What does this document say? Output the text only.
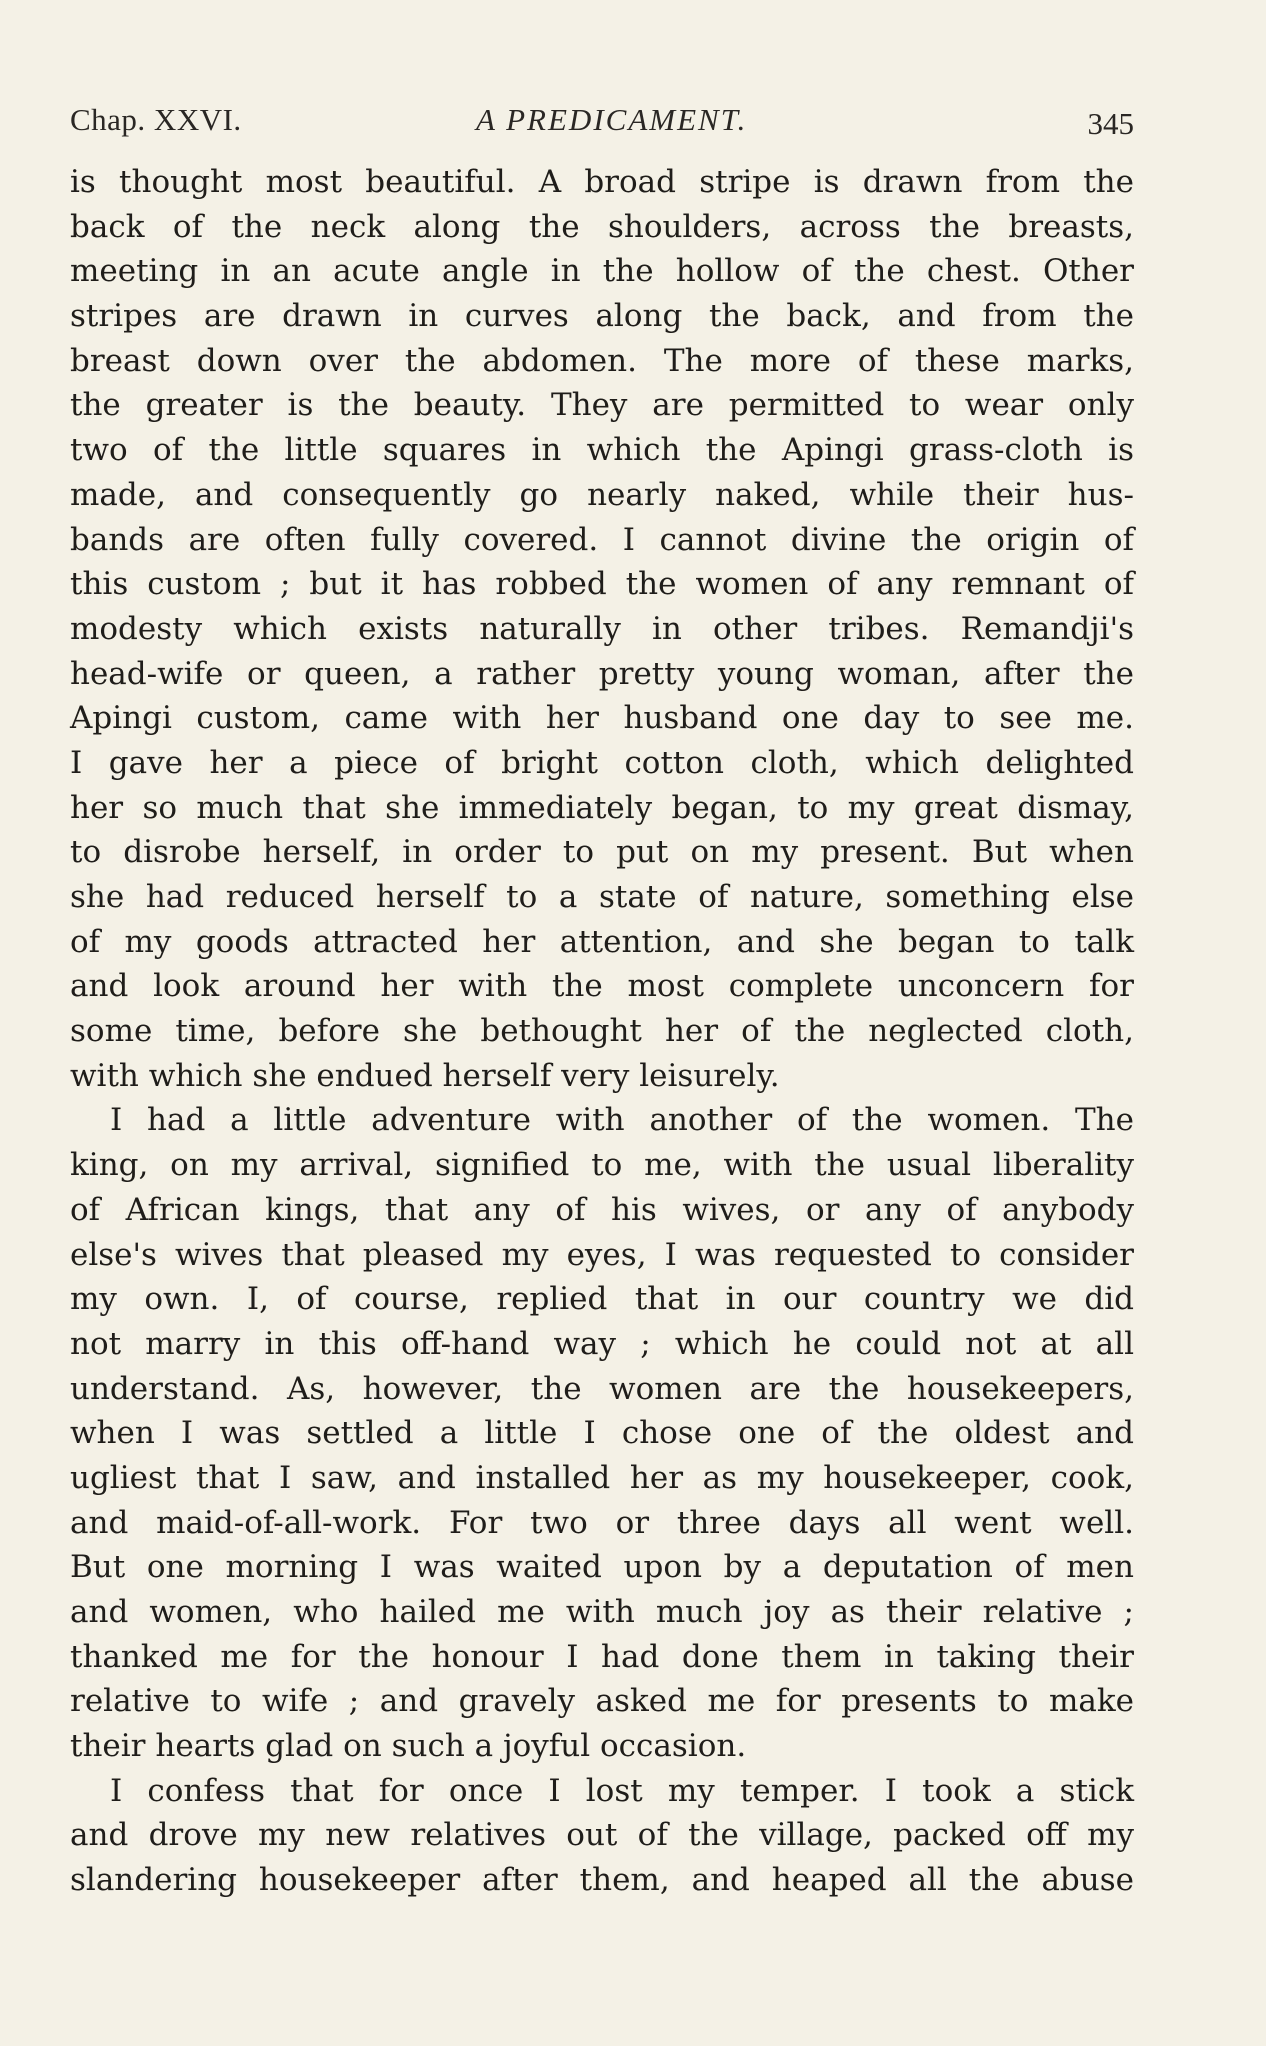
Chap. XXVI.	A PREDICAMENT.	345
is thought most beautiful. A broad stripe is drawn from the
back of the neck along the shoulders, across the breasts,
meeting in an acute angle in the hollow of the chest. Other
stripes are drawn in curves along the back, and from the
breast down over the abdomen. The more of these marks,
the greater is the beauty. They are permitted to wear only
two of the little squares in which the Apingi grass-cloth is
made, and consequently go nearly naked, while their hus-
bands are often fully covered. I cannot divine the origin of
this custom ; but it has robbed the women of any remnant of
modesty which exists naturally in other tribes. Remandji's
head-wife or queen, a rather pretty young woman, after the
Apingi custom, came with her husband one day to see me.
I gave her a piece of bright cotton cloth, which delighted
her so much that she immediately began, to my great dismay,
to disrobe herself, in order to put on my present. But when
she had reduced herself to a state of nature, something else
of my goods attracted her attention, and she began to talk
and look around her with the most complete unconcern for
some time, before she bethought her of the neglected cloth,
with which she endued herself very leisurely.
I had a little adventure with another of the women. The
king, on my arrival, signified to me, with the usual liberality
of African kings, that any of his wives, or any of anybody
else's wives that pleased my eyes, I was requested to consider
my own. I, of course, replied that in our country we did
not marry in this off-hand way ; which he could not at all
understand. As, however, the women are the housekeepers,
when I was settled a little I chose one of the oldest and
ugliest that I saw, and installed her as my housekeeper, cook,
and maid-of-all-work. For two or three days all went well.
But one morning I was waited upon by a deputation of men
and women, who hailed me with much joy as their relative ;
thanked me for the honour I had done them in taking their
relative to wife ; and gravely asked me for presents to make
their hearts glad on such a joyful occasion.
I confess that for once I lost my temper. I took a stick
and drove my new relatives out of the village, packed off my
slandering housekeeper after them, and heaped all the abuse
